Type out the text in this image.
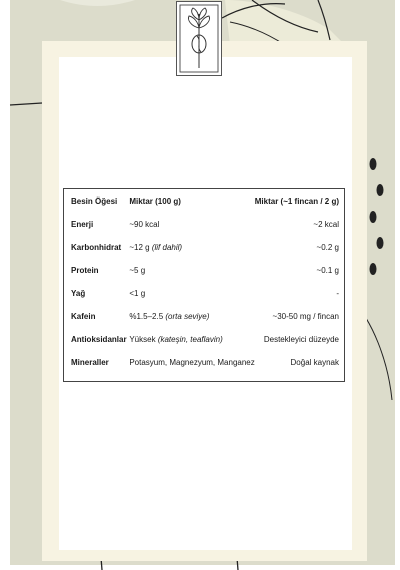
Besin Öğesi	Miktar (100 g)	Miktar (~1 fincan / 2 g)
Enerji	~90 kcal	~2 kcal
Karbonhidrat	~12 g (lif dahil)	~0.2 g
Protein	~5 g	~0.1 g
Yağ	<1 g	-
Kafein	%1.5–2.5 (orta seviye)	~30-50 mg / fincan
Antioksidanlar	Yüksek (kateşin, teaflavin)	Destekleyici düzeyde
Mineraller	Potasyum, Magnezyum, Manganez	Doğal kaynak
